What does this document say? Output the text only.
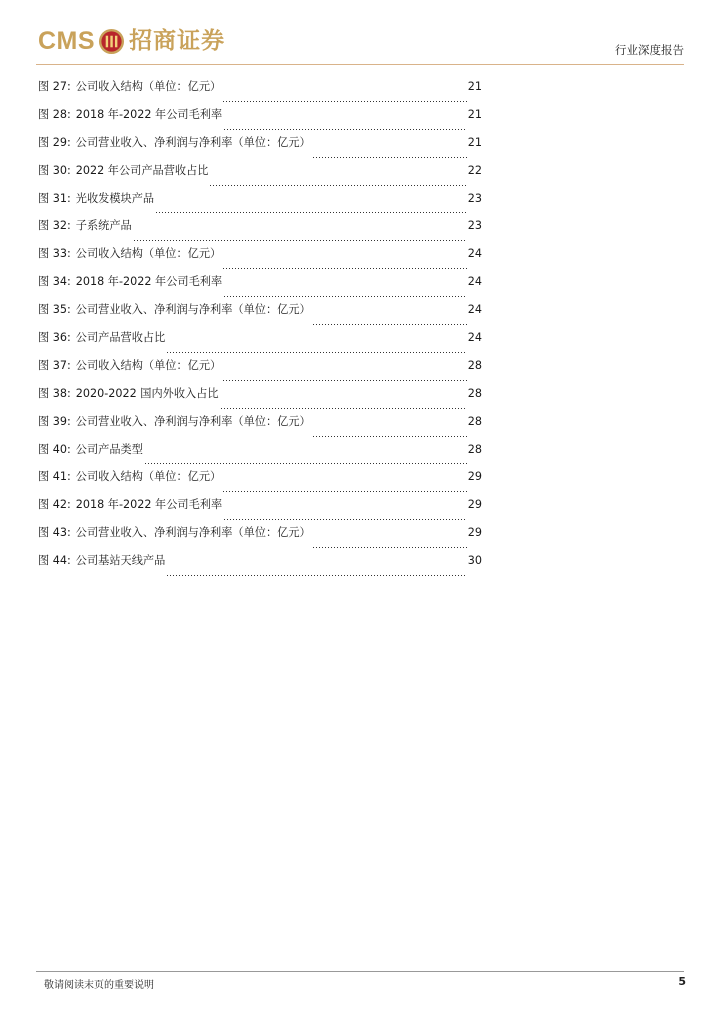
CMS 招商证券	行业深度报告
图 27: 公司收入结构（单位：亿元）	21
图 28: 2018 年-2022 年公司毛利率	21
图 29: 公司营业收入、净利润与净利率（单位：亿元）	21
图 30: 2022 年公司产品营收占比	22
图 31: 光收发模块产品	23
图 32: 子系统产品	23
图 33: 公司收入结构（单位：亿元）	24
图 34: 2018 年-2022 年公司毛利率	24
图 35: 公司营业收入、净利润与净利率（单位：亿元）	24
图 36: 公司产品营收占比	24
图 37: 公司收入结构（单位：亿元）	28
图 38: 2020-2022 国内外收入占比	28
图 39: 公司营业收入、净利润与净利率（单位：亿元）	28
图 40: 公司产品类型	28
图 41: 公司收入结构（单位：亿元）	29
图 42: 2018 年-2022 年公司毛利率	29
图 43: 公司营业收入、净利润与净利率（单位：亿元）	29
图 44: 公司基站天线产品	30
敬请阅读末页的重要说明	5
